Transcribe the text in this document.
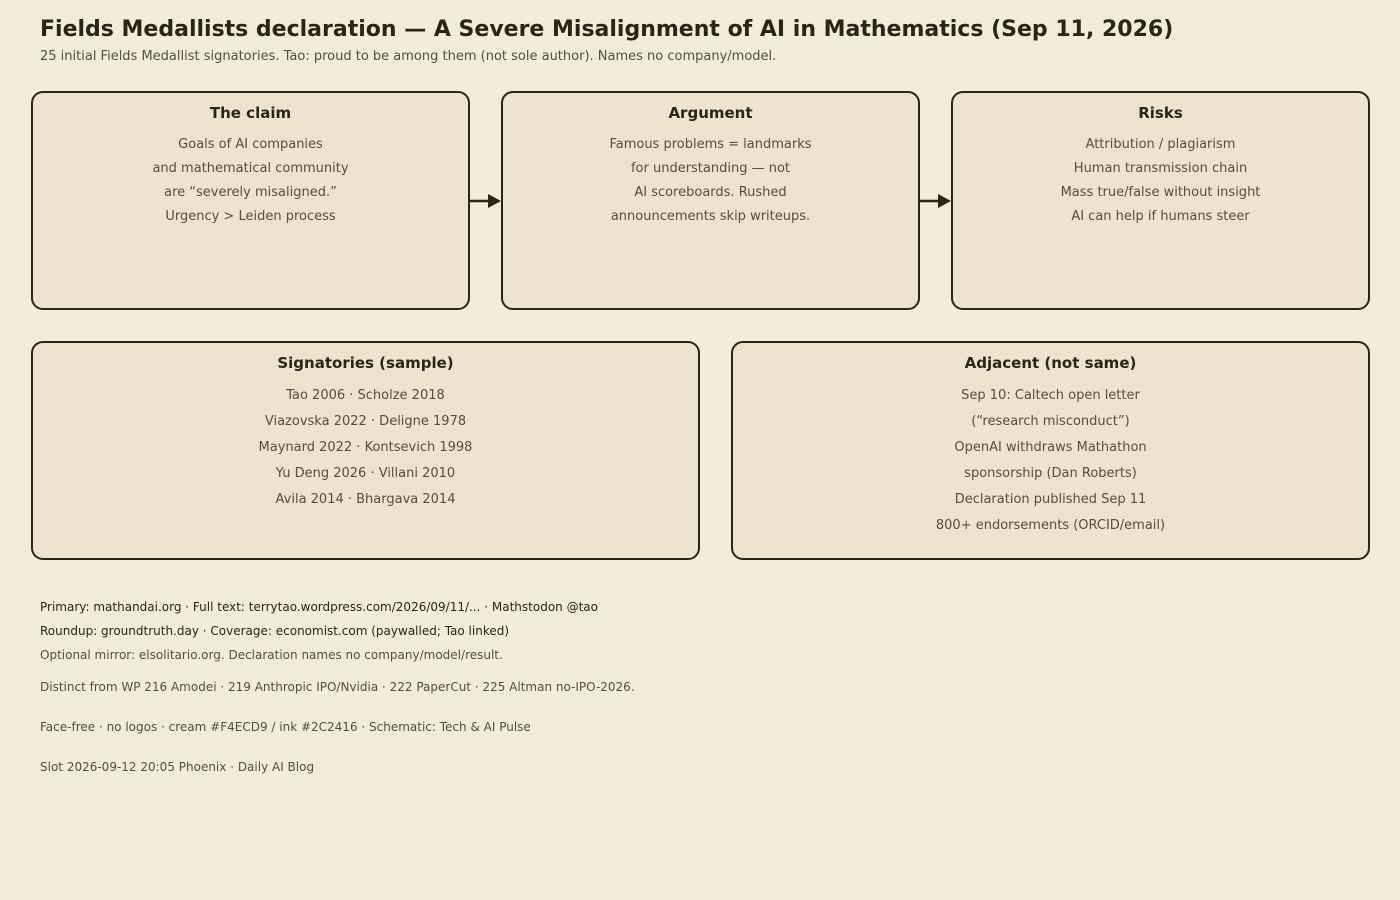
Fields Medallists declaration — A Severe Misalignment of AI in Mathematics (Sep 11, 2026)
25 initial Fields Medallist signatories. Tao: proud to be among them (not sole author). Names no company/model.
The claim
Goals of AI companies
and mathematical community
are “severely misaligned.”
Urgency > Leiden process
Argument
Famous problems = landmarks
for understanding — not
AI scoreboards. Rushed
announcements skip writeups.
Risks
Attribution / plagiarism
Human transmission chain
Mass true/false without insight
AI can help if humans steer
Signatories (sample)
Tao 2006 · Scholze 2018
Viazovska 2022 · Deligne 1978
Maynard 2022 · Kontsevich 1998
Yu Deng 2026 · Villani 2010
Avila 2014 · Bhargava 2014
Adjacent (not same)
Sep 10: Caltech open letter
(“research misconduct”)
OpenAI withdraws Mathathon
sponsorship (Dan Roberts)
Declaration published Sep 11
800+ endorsements (ORCID/email)
Primary: mathandai.org · Full text: terrytao.wordpress.com/2026/09/11/... · Mathstodon @tao
Roundup: groundtruth.day · Coverage: economist.com (paywalled; Tao linked)
Optional mirror: elsolitario.org. Declaration names no company/model/result.
Distinct from WP 216 Amodei · 219 Anthropic IPO/Nvidia · 222 PaperCut · 225 Altman no-IPO-2026.
Face-free · no logos · cream #F4ECD9 / ink #2C2416 · Schematic: Tech & AI Pulse
Slot 2026-09-12 20:05 Phoenix · Daily AI Blog
